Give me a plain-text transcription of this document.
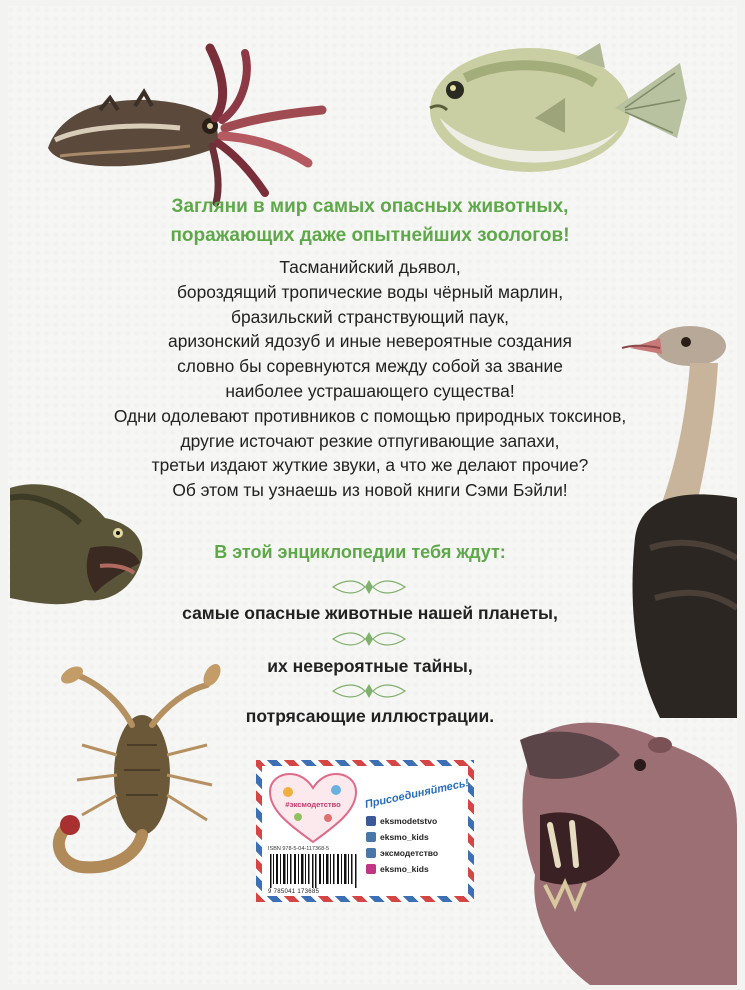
Загляни в мир самых опасных животных,
поражающих даже опытнейших зоологов!
Тасманийский дьявол,
бороздящий тропические воды чёрный марлин,
бразильский странствующий паук,
аризонский ядозуб и иные невероятные создания
словно бы соревнуются между собой за звание
наиболее устрашающего существа!
Одни одолевают противников с помощью природных токсинов,
другие источают резкие отпугивающие запахи,
третьи издают жуткие звуки, а что же делают прочие?
Об этом ты узнаешь из новой книги Сэми Бэйли!
В этой энциклопедии тебя ждут:
самые опасные животные нашей планеты,
их невероятные тайны,
потрясающие иллюстрации.
#эксмодетство Присоединяйтесь!
ISBN 978-5-04-117368-5
9 785041 173685
eksmodetstvo
eksmo_kids
эксмодетство
eksmo_kids
